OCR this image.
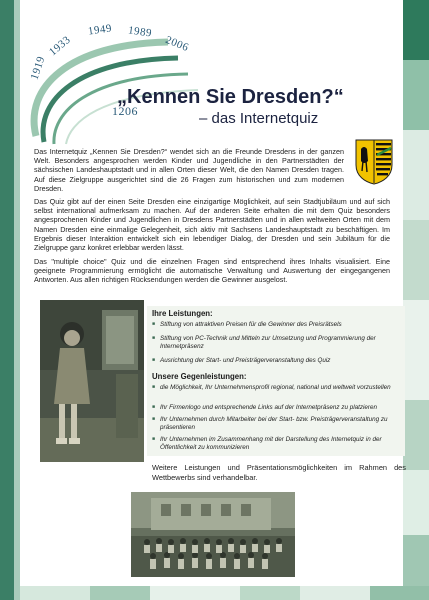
1919
1933
1949 1989
2006
1206
„Kennen Sie Dresden?“
– das Internetquiz

Das Internetquiz „Kennen Sie Dresden?“ wendet sich an die Freunde Dresdens in der ganzen Welt. Besonders angesprochen werden Kinder und Jugendliche in den Partnerstädten der sächsischen Landeshauptstadt und in allen Orten dieser Welt, die den Namen Dresden tragen. Auf diese Zielgruppe ausgerichtet sind die 26 Fragen zum historischen und zum modernen Dresden.

Das Quiz gibt auf der einen Seite Dresden eine einzigartige Möglichkeit, auf sein Stadtjubiläum und auf sich selbst international aufmerksam zu machen. Auf der anderen Seite erhalten die mit dem Quiz besonders angesprochenen Kinder und Jugendlichen in Dresdens Partnerstädten und in allen weltweiten Orten mit dem Namen Dresden eine einmalige Gelegenheit, sich aktiv mit Sachsens Landeshauptstadt zu beschäftigen. Im Ergebnis dieser Interaktion entwickelt sich ein lebendiger Dialog, der Dresden und sein Jubiläum für die Zielgruppe ganz konkret erlebbar werden lässt.

Das "multiple choice" Quiz und die einzelnen Fragen sind entsprechend ihres Inhalts visualisiert. Eine geeignete Programmierung ermöglicht die automatische Verwaltung und Auswertung der eingegangenen Antworten. Aus allen richtigen Rücksendungen werden die Gewinner ausgelost.

Ihre Leistungen:
■ Stiftung von attraktiven Preisen für die Gewinner des Preisrätsels
■ Stiftung von PC-Technik und Mitteln zur Umsetzung und Programmierung der Internetpräsenz
■ Ausrichtung der Start- und Preisträgerveranstaltung des Quiz
Unsere Gegenleistungen:
■ die Möglichkeit, Ihr Unternehmensprofil regional, national und weltweit vorzustellen
■ Ihr Firmenlogo und entsprechende Links auf der Internetpräsenz zu platzieren
■ Ihr Unternehmen durch Mitarbeiter bei der Start- bzw. Preisträgerveranstaltung zu präsentieren
■ Ihr Unternehmen im Zusammenhang mit der Darstellung des Internetquiz in der Öffentlichkeit zu kommunizieren

Weitere Leistungen und Präsentationsmöglichkeiten im Rahmen des Wettbewerbs sind verhandelbar.
